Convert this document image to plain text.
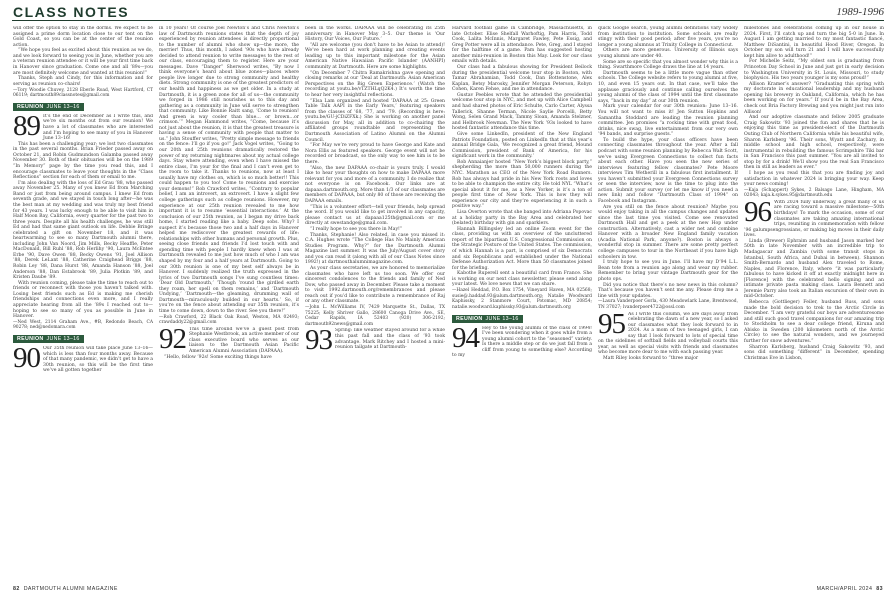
CLASS NOTES	1989-1996

will offer the option to stay in the dorms. We expect to be assigned a prime dorm location close to our tent on the Gold Coast, so you can be at the center of the reunion action.

“We hope you feel as excited about this reunion as we do, and we look forward to seeing you in June, whether you are a veteran reunion attendee or it will be your first time back in Hanover since graduation. Come one and all ’89s—you are most definitely welcome and wanted at this reunion!”

Thanks, Steph and Cindy, for this information and for serving as reunion co-chairs!

—Tory Woodie Chuvey, 2128 Eberle Road, West Hartford, CT 06119; dartmouth89classnotes@gmail.com

REUNION JUNE 13–16
89 It’s the end of December as I write this, and we’re six months out from our reunion! We have a lot of classmates who are interested and I’m hoping to see many of you in Hanover June 13–16!

This has been a challenging year; we lost two classmates in the past several months. Brian Frieder passed away on October 21, and Robin Gudmundson Galamba passed away November 30. Both of their obituaries will be on the 1989 “In Memory” page by the time you read this, and I encourage classmates to leave your thoughts in the “Class Reflections” section for each of them or email to me.

I’m also dealing with the loss of Ed Grau ’88, who passed away November 25. Many of you knew Ed from Marching Band or just from being around campus. I knew Ed from seventh grade, and we stayed in touch long after—he was the best man at my wedding and was truly my best friend for 43 years. I was lucky enough to be able to visit him in Half Moon Bay, California, every quarter for the past two to three years. Despite all his health challenges, he was still Ed and had that same giant outlook on life. Debbie Bringe celebrated a gift on November 18, and it was heartwarming to see so many Dartmouth alumni there, including John Van Noord, Jim Mills, Becky Heaffle, Peter MacDonald, Bill Ruhl ’88, Rob Herlihy ’90, Laura McEntee Erbe ’90, Dave Owen ’88, Becky Owens ’91, Joel Allison ’88, Derek LeLant ’88, Catherine Craighead Briggs ’88, Robin Ley ’88, Dana Hurst ’88, Amanda Hanson ’88, Joel Anderson ’88, Dan Estabrook ’89, Julia Plotkin ’89, and Kristen Daube ’89.

With reunion coming, please take the time to reach out to friends or reconnect with those you haven’t talked with. Losing best friends such as Ed is making me cherish friendships and connections even more, and I really appreciate hearing from all the ’89s I reached out to—hoping to see so many of you as possible in June in Hanover.

—Ned West, 2114 Graham Ave., #B, Redondo Beach, CA 90278; ned@nedomara.com

REUNION JUNE 13–16
90 Our 35th reunion will take place June 13–16—which is less than four months away. Because of that many pandemic, we didn’t get to have a 30th reunion, so this will be the first time we’ve all gotten together

in 10 years! Of course Joel Newton’s and Chris Newton’s law of Dartmouth reunions states that the depth of joy experienced by reunion attendees is directly proportional to the number of alumni who show up—the more, the merrier! Thus, this month, I asked ’90s who have already decided to attend reunion to write messages to the rest of our class, encouraging them to register. Here are your messages. Dave “Danger” Sherwood writes, “By now I think everyone’s heard about blue zones—places where people live longer due to strong community and healthy diets. Strong community is one of the greatest predictors of our health and happiness as we get older. In a study at Dartmouth, it is a green zone for all of us—the community we forged in 1986 still nourishes us to this day and gathering as a community in June will serve to strengthen that community. Like Bonnie Raitt sang, ‘Come to reunion! And green is way cooler than blue… or brown…or crimson.’” Megan Hammond writes, “Come, because it’s not just about the reunion, it is that the greatest treasure is having a sense of community with people that matter to us.” John Stouffer writes, “Pretty simple message to friends on the fence: I’ll go if you go!” Jack Vogel writes, “Going to our 20th and 25th reunions dramatically restored the power of my returning nightmares about my actual college days. Stay where attending, even when I have missed the entire class, I’m your for the final and I can’t even get to the room to take it. Thanks to reunions, now at least I usually have my clothes on, which is so much better!! This could happen to you too! Come to reunions and exercise your demons!” Rob Crawford writes, “Contrary to popular belief, I am an introvert, an extrovert. I have a slight few college gatherings such as college reunions. However, my experience at our 25th reunion revealed to me how important it is to resume ‘essential interactions.’ At the conclusion of our 25th reunion, as I began my drive back home, I started reading like a baby. Deep sobs. Why? I suspect it’s because those two and a half days in Hanover helped me rediscover the greatest rewards of life: relationships with other humans and personal growth. Plus, seeing close friends and friends I’d lost touch with and spending time with people I hardly knew when I was at Dartmouth revealed to me just how much of who I am was shaped by my four and a half years at Dartmouth. Going to our 30th reunion is one of my best self always be in Hanover. I suddenly realized the truth expressed in the lyrics of two Dartmouth songs I’ve sung countless times: ‘Dear Old Dartmouth,’ ‘Though ’round the girdled earth they roam, her spell on them remains,’ and ‘Dartmouth Undying,’ ‘Dartmouth—the gleaming, drumming wall of Dartmouth—miraculously builded in our hearts.’ So, if you’re on the fence about attending our 35th reunion, it’s time to come down, down to the river. See you there!”

—Rob Crawford, 22 Black Oak Road, Weston, MA 02493; crawdaddy22@gmail.com

92 This time around we’ve a guest post from Stephanie Westbrook, an active member of our class executive board who serves as our liaison to the Dartmouth Asian Pacific American Alumni Association (DAPAAA).

“Hello, fellow ’92s! Some exciting things have

been in the works. DAPAAA will be celebrating its 25th anniversary in Hanover May 3–5. Our theme is ‘Our History, Our Voices, Our Future.’

“All are welcome (you don’t have to be Asian to attend)! We’ve been hard at work planning and creating events leading up to this important milestone for the Asian American Native Hawaiian Pacific Islander (AANHPI) community at Dartmouth. Here are some highlights.

“On December 7 Chitra Ramakrishna gave opening and closing remarks at our ‘Deal at Dartmouth: Asian American Perspectives on the Big Green Experience.’ (Watch the recording at youtu.be/vTZTHLqQ2K4.) It’s worth the time to hear her very insightful reflections.

“Elsa Lam organized and hosted ‘DAPAAA at 25: Green Table Talk AAPI in the Early Years,’ featuring speakers from the classes of ’68, ’77, and ’79. (Recording is here: youtu.be/GU-jCDiZFXk.) She is working on another panel discussion for May, all in addition to co-chairing the affiliated groups roundtable and representing the Dartmouth Association of Latino Alumni on the Alumni Council.

“For May we’re very proud to have George and Kate and Nora Ellis as featured speakers. George event will not be recorded or broadcast, so the only way to see him is to be there.

“Also, the new DAPAAA co-chair is yours truly. I would like to hear your thoughts on how to make DAPAAA more relevant for you and more of a community. I do realize that not everyone is on Facebook. Our links are at dapaaa.dartmouth.org. More than 1/3 of our classmates are members of DAPAAA, but only 80 of those are receiving the DAPAAA emails.

“This is a volunteer effort—tell your friends, help spread the word. If you would like to get involved in any capacity, please contact us at dapaaa125th@gmail.com or me directly at swestandge@gmail.com.

“I really hope to see you there in May!”

Thanks, Stephanie! Also related, in case you missed it: C.A. Hughes wrote “The College Has No Mainly American Studies Program. Why?” for the Dartmouth Alumni Magazine last summer. It was the July/August cover story and you can read it (along with all of our Class Notes since 1992!) at dartmouthalumnimagazine.com.

As your class secretaries, we are honored to memorialize classmates who have left us too soon. We offer our sincerest condolences to the friends and family of Ned Dow, who passed away in December. Please take a moment to visit 1992.dartmouth.org/remembrances and please reach out if you’d like to contribute a remembrance of Raj or any other classmate.

—John L. McWilliams IV, 7429 Marquette St., Dallas, TX 75225; Kelly Shriver Gallo, 28600 Canoga Drive Ave., SE, Cedar Rapids, IA 52403 (920) 306-2192; dartmouth92news@gmail.com

93 Spring: like weather stayed around for a while this past fall and the class of ’93 took advantage. Mark Ritchey and I hosted a mini-reunion tailgate at Dartmouth-

Harvard football game in Cambridge, Massachusetts, in late October. Elise Shelfall Warhoftig, Pam Harris, Todd Cook, Lalita McInnis, Margaret Fawley, Pete Essig, and Greg Potter were all in attendance. Pete, Greg, and I stayed for the halftime of a game. Pam has suggested hosting another mini-reunion in Boston this May. Look for our class emails with details.

Our class had a fabulous showing for President Beilock during the presidential welcome tour stop in Boston, with Tamar Abrahamian, Todd Cook, Dan Bottenstone, Alex Kaplan, Betsy Marosky, Jennifer Morgan Peterson, Robyn Cohen, Karen Fehse, and me in attendance.

Gustav Peebles wrote that he attended the presidential welcome tour stop in NYC, and met up with Alice Campbell and had shared photos of Eric Schulte, Carlo Carter, Alyssa Tallerick, Shanne Terman, Nicole Saylie Porcelli, Betty Wong, Selen Grand Mack, Tammy Sloan, Amanda Stelzner, and Helbrook Newman. The New York ’93s looked to have hosted fantastic attendance this time.

Give some LinkedIn, president of the New England Patriots Foundation, posted on LinkedIn that at this year’s annual Bridge Gala, ‘We recognized a great friend, Mound Commission, president of Bank of America, for his significant work in the community.’

Rob Annaianjer hosted “New York’s biggest block party,” shepherding the more than 50,000 runners during the NYC. Marathon as CEO of the New York Road Runners. Rob has always had pride in his New York roots and loves to be able to champion the entire city. He told NYL “What’s special about it for me, as a New Yorker, is it’s a ton of people first time of New York. This is how they will experience our city and they’re experiencing it in such a positive way.”

Lisa Overton wrote that she banged into Adriana Popovac at a holiday party in the Bay Area and celebrated her (belated) birthday with gin and sparklers.

Hannah Billingsley led an online Zoom event for the class, providing us with an overview of the uncluttered report of the bipartisan U.S. Congressional Commission on the Strategic Posture of the United States. The commission, of which Hannah is a part, is comprised of six Democrats and six Republicans and established under the National Defense Authorization Act. More than 50 classmates joined for the briefing.

Kabothe Ruperell sent a beautiful card from France. She is working on our next class newsletter, please send along your latest. We love news that we can share.

—Hazel Heddad, P.O. Box 1754, Vineyard Haven, MA 02568; susie@.haddad.93@alum.dartmouth.org; Natalie Woodward Kaphissky, 2 Stanmore Court, Potomac, MD 20854; natalie.woodward.kaphissky.93@alum.dartmouth.org

REUNION JUNE 13–16
94 Hey to the young alumni of the class of 1994! I’ve been wondering when it goes while from a young alumni cohort to the “seasoned” variety. Is there a middle step or do we just fall from a cliff from young to something else? According to my

quick Google search, young alumni definitions vary widely from institution to institution. Some schools are really stingy with their good period; after five years, you’re no longer a young alumnus at Trinity College in Connecticut.

Others are more generous. University of Illinois says young alumni are under 40.

Some are so specific that you almost wonder why this is a thing. Swarthmore College draws the line at 14 years.

Dartmouth seems to be a little more vague than other schools. The College website refers to young alumni at five, 10, and even 15 years out. In that case, we’ll take the applause graciously and continue calling ourselves the young alumni of the class of 1994 until the first classmate says, “back in my day” at our 30th reunion.

Mark your calendar for our 30th reunion: June 13–16. You will not want to miss it! Jen Sutton Hopkins and Samantha Stoddard are leading the reunion planning committee. Jen promises “a rocking time with great food, drinks, nice swag, live entertainment from our very own ’94 bands, and surprise guests.”

To build the hype, your class officers have been connecting classmates throughout the year. After a fall podcast with some reunion planning by Rebecca Walt Scott, we’ve using Evergreen Connections to collect fun facts about each other. Have you seen the new series of interviews featuring fellow classmates? Pete Moore interviews Tim Wetherill in a fabulous first installment. If you haven’t submitted your Evergreen Connections survey or seen the interview, now is the time to plug into the action. Submit your survey (or let me know if you need a new link) and follow “Dartmouth Class of 1994” on Facebook and Instagram.

Are you still on the fence about reunion? Maybe you would enjoy taking in all the campus changes and updates since the last time you visited. Come see renovated Dartmouth Hall and get a peek at the new Hop under construction. Alternatively, cast a wider net and combine Hanover with a broader New England family vacation (Acadia National Park, anyone?). Boston is always a wonderful stop in summer. There are some pretty perfect college campuses to tour in the Northeast if you have high schoolers in tow.

I truly hope to see you in June. I’ll have my D’94 L.L. Bean tote from a reunion ago along and wear my rubber. Remember to bring your vintage Dartmouth gear for the photo ops.

Did you notice that there’s no new news in this column? That’s because you haven’t sent me any. Please drop me a line with your updates.

—Laura Vanderpoer Gorla, 430 Meadowlark Lane, Brentwood, TN 37027; lvanderpoer4722@ossl.com

95 As I write this column, we are days away from celebrating the dawn of a new year, so I asked our classmates what they look forward to in 2024. As a mom of two teenaged girls, I can say that I look forward to lots of special time on the sidelines of softball fields and volleyball courts this year, as well as special visits with friends and classmates who become more dear to me with each passing year.

Matt Riley looks forward to “three major

milestones and celebrations coming up in our house in 2024. First, I’ll catch up and turn the big 5-0 in June. In August I am getting married to my most fantastic fiancé, Matthew DiSantini, in beautiful Hood River, Oregon. In October my son will turn 21 and I will have successfully kept him alive to adulthood!”

For Michelle Seitz, “My oldest son is graduating from Princeton Day School in June and just got in early decision to Washington University in St. Louis, Missouri, to study biophysics. His two years younger is my sons proud!”

Allison Kramer’s answer? “Graduating this spring with my doctorate in educational leadership and my husband opening his brewery in Oakland, California, which he has been working on for years.” If you’d be in the Bay Area, check out Bria Factory Brewing and you might just run into Allison!

And our adoptive classmate and fellow 2005 graduate Craig Sakowitz ’93 joined the fun and shares that he is enjoying this time as president-elect of the Dartmouth Outing Club of Northern California while his beautiful wife, Sharon Karlsberg ’96. Their sons, Wyatt and Zachary, in middle school and high school, respectively, were instrumental in rebuilding the famous Scrimpshire Tiki bar in San Francisco this past summer. “You are all invited to stop by for a drink! We’ll show you the real San Francisco then in still as leaders as ever.”

I hope as you read this that you are finding joy and satisfaction in whatever 2024 is bringing your way. Keep your news coming!

—Kaja (Schappert) Sykes, 2 Balsago Lane, Hingham, MA 02043; kaja.k.sykes.95@dartmouth.edu

96 With 2024 fully underway, a great many of us are racing toward a massive milestone—50th birthdays! To mark the occasion, some of our classmates are taking amazing international trips, reuniting in commemoration with fellow ’96 galumpsengrossians, or making big moves in their daily lives.

Linda (Brewer) Ephraim and husband Jason marked her 50th in late November with an incredible trip to Madagascar and Zambia (with some transit stops in Istanbul, South Africa, and Dubai in between). Shannon Smith-Bernardo and husband Alex traveled to Rome, Naples, and Florence, Italy, where “it was particularly fabulous to have kicked it off at exactly midnight here in [Florence] with the celebrated hello signing and an intimate private pasta making class. Laura Bennett and Jeremie Parry also took an Italian excursion of their own in mid-October.

Rebecca (Gottlieger) Feiler, husband Russ, and sons made the bold decision to trek to the Arctic Circle in December. “I am very grateful our boys are adventuresome and still such good travel companions for our amazing trip to Stockholm to see a dear college friend, Kiruna and Abisko in Sweden (200 kilometers north of the Arctic Circle) to see the natural wonders, and we journeyed further for snow adventures.”

Sharron Karlsberg, husband Craig Sakowitz ’93, and sons did something “different” in December, spending Christmas Eve in Lisbon,

82 DARTMOUTH ALUMNI MAGAZINE	MARCH/APRIL 2024 83
